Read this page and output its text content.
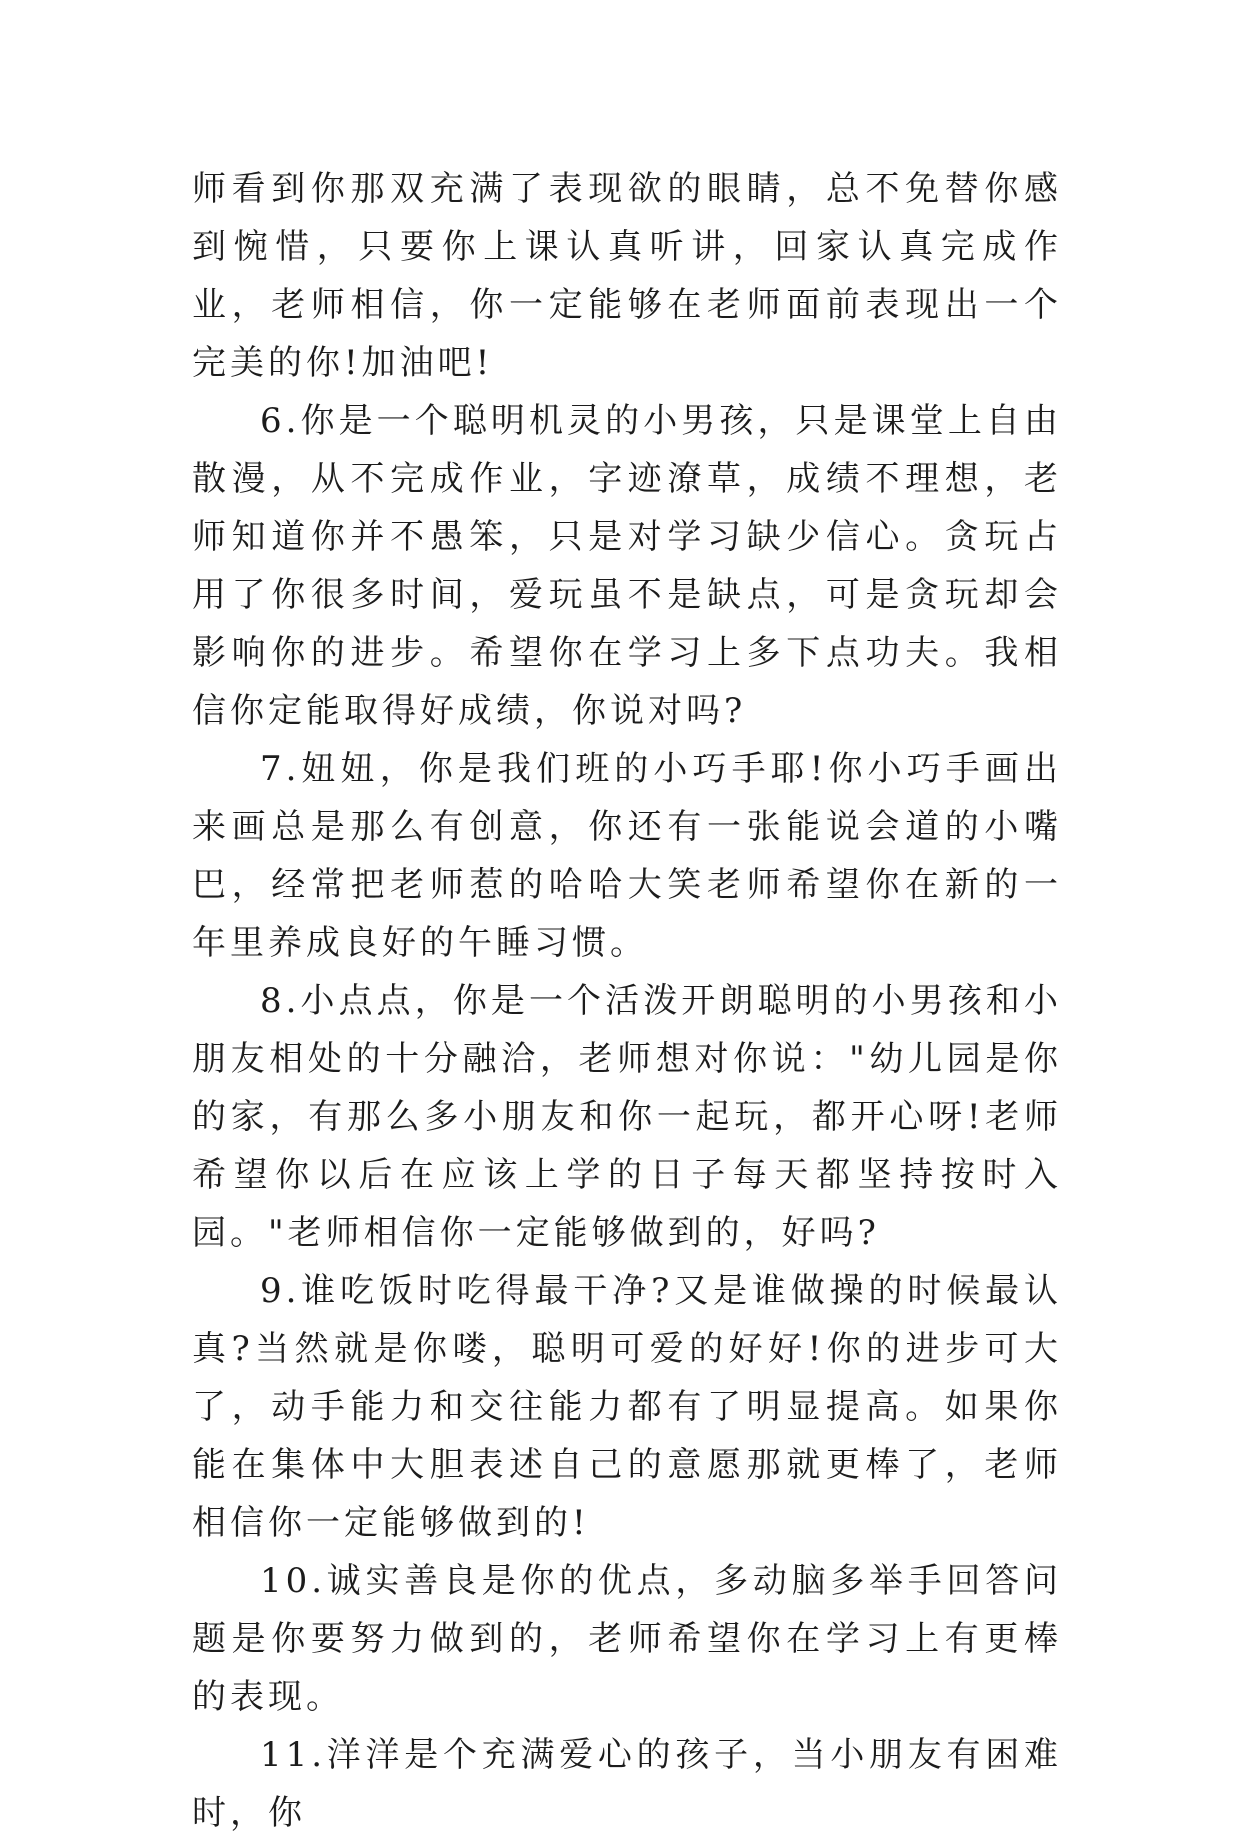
师看到你那双充满了表现欲的眼睛，总不免替你感到惋惜，只要你上课认真听讲，回家认真完成作业，老师相信，你一定能够在老师面前表现出一个完美的你!加油吧!

6.你是一个聪明机灵的小男孩，只是课堂上自由散漫，从不完成作业，字迹潦草，成绩不理想，老师知道你并不愚笨，只是对学习缺少信心。贪玩占用了你很多时间，爱玩虽不是缺点，可是贪玩却会影响你的进步。希望你在学习上多下点功夫。我相信你定能取得好成绩，你说对吗?

7.妞妞，你是我们班的小巧手耶!你小巧手画出来画总是那么有创意，你还有一张能说会道的小嘴巴，经常把老师惹的哈哈大笑老师希望你在新的一年里养成良好的午睡习惯。

8.小点点，你是一个活泼开朗聪明的小男孩和小朋友相处的十分融洽，老师想对你说："幼儿园是你的家，有那么多小朋友和你一起玩，都开心呀!老师希望你以后在应该上学的日子每天都坚持按时入园。"老师相信你一定能够做到的，好吗?

9.谁吃饭时吃得最干净?又是谁做操的时候最认真?当然就是你喽，聪明可爱的好好!你的进步可大了，动手能力和交往能力都有了明显提高。如果你能在集体中大胆表述自己的意愿那就更棒了，老师相信你一定能够做到的!

10.诚实善良是你的优点，多动脑多举手回答问题是你要努力做到的，老师希望你在学习上有更棒的表现。

11.洋洋是个充满爱心的孩子，当小朋友有困难时，你
